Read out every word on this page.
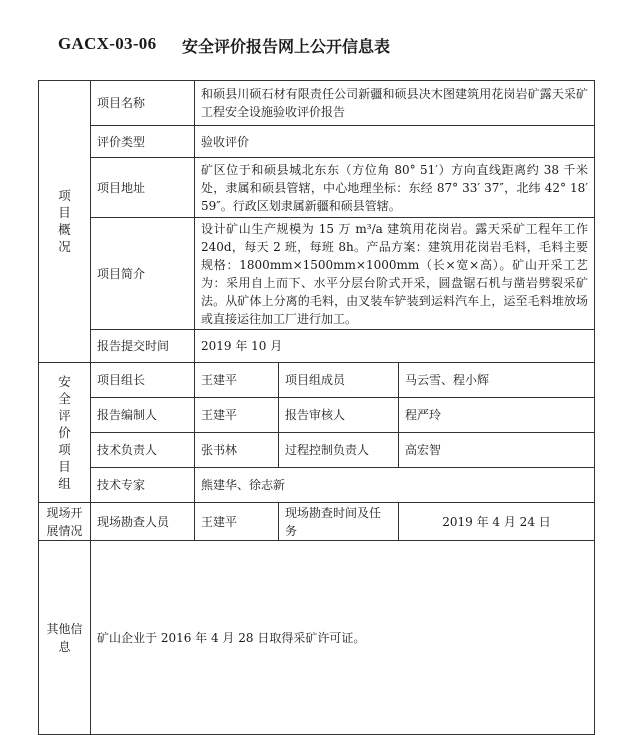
GACX-03-06 安全评价报告网上公开信息表
项目概况	项目名称	和硕县川硕石材有限责任公司新疆和硕县决木图建筑用花岗岩矿露天采矿工程安全设施验收评价报告		
	评价类型	验收评价		
	项目地址	矿区位于和硕县城北东东（方位角 80° 51′）方向直线距离约 38 千米处，隶属和硕县管辖，中心地理坐标：东经 87° 33′ 37″，北纬 42° 18′ 59″。行政区划隶属新疆和硕县管辖。		
	项目简介	设计矿山生产规模为 15 万 m³/a 建筑用花岗岩。露天采矿工程年工作 240d，每天 2 班，每班 8h。产品方案：建筑用花岗岩毛料，毛料主要规格：1800mm×1500mm×1000mm（长×宽×高）。矿山开采工艺为：采用自上而下、水平分层台阶式开采，圆盘锯石机与凿岩劈裂采矿法。从矿体上分离的毛料，由叉装车铲装到运料汽车上，运至毛料堆放场或直接运往加工厂进行加工。		
	报告提交时间	2019 年 10 月		
安全评价项目组	项目组长	王建平	项目组成员	马云雪、程小辉
	报告编制人	王建平	报告审核人	程严玲
	技术负责人	张书林	过程控制负责人	高宏智
	技术专家	熊建华、徐志新		
现场开展情况	现场勘查人员	王建平	现场勘查时间及任务	2019 年 4 月 24 日
其他信息	矿山企业于 2016 年 4 月 28 日取得采矿许可证。			
